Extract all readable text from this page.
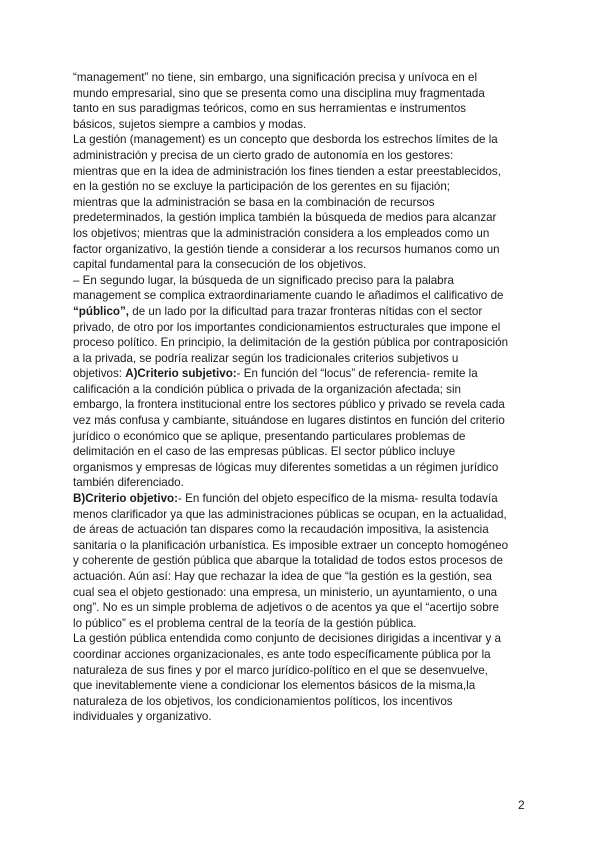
“management” no tiene, sin embargo, una significación precisa y unívoca en el
mundo empresarial, sino que se presenta como una disciplina muy fragmentada
tanto en sus paradigmas teóricos, como en sus herramientas e instrumentos
básicos, sujetos siempre a cambios y modas.
La gestión (management) es un concepto que desborda los estrechos límites de la
administración y precisa de un cierto grado de autonomía en los gestores:
mientras que en la idea de administración los fines tienden a estar preestablecidos,
en la gestión no se excluye la participación de los gerentes en su fijación;
mientras que la administración se basa en la combinación de recursos
predeterminados, la gestión implica también la búsqueda de medios para alcanzar
los objetivos; mientras que la administración considera a los empleados como un
factor organizativo, la gestión tiende a considerar a los recursos humanos como un
capital fundamental para la consecución de los objetivos.
– En segundo lugar, la búsqueda de un significado preciso para la palabra
management se complica extraordinariamente cuando le añadimos el calificativo de
“público”, de un lado por la dificultad para trazar fronteras nítidas con el sector
privado, de otro por los importantes condicionamientos estructurales que impone el
proceso político. En principio, la delimitación de la gestión pública por contraposición
a la privada, se podría realizar según los tradicionales criterios subjetivos u
objetivos: A)Criterio subjetivo:- En función del “locus” de referencia- remite la
calificación a la condición pública o privada de la organización afectada; sin
embargo, la frontera institucional entre los sectores público y privado se revela cada
vez más confusa y cambiante, situándose en lugares distintos en función del criterio
jurídico o económico que se aplique, presentando particulares problemas de
delimitación en el caso de las empresas públicas. El sector público incluye
organismos y empresas de lógicas muy diferentes sometidas a un régimen jurídico
también diferenciado.
B)Criterio objetivo:- En función del objeto específico de la misma- resulta todavía
menos clarificador ya que las administraciones públicas se ocupan, en la actualidad,
de áreas de actuación tan dispares como la recaudación impositiva, la asistencia
sanitaria o la planificación urbanística. Es imposible extraer un concepto homogéneo
y coherente de gestión pública que abarque la totalidad de todos estos procesos de
actuación. Aún así: Hay que rechazar la idea de que “la gestión es la gestión, sea
cual sea el objeto gestionado: una empresa, un ministerio, un ayuntamiento, o una
ong”. No es un simple problema de adjetivos o de acentos ya que el “acertijo sobre
lo público” es el problema central de la teoría de la gestión pública.
La gestión pública entendida como conjunto de decisiones dirigidas a incentivar y a
coordinar acciones organizacionales, es ante todo específicamente pública por la
naturaleza de sus fines y por el marco jurídico-político en el que se desenvuelve,
que inevitablemente viene a condicionar los elementos básicos de la misma,la
naturaleza de los objetivos, los condicionamientos políticos, los incentivos
individuales y organizativo.
2
